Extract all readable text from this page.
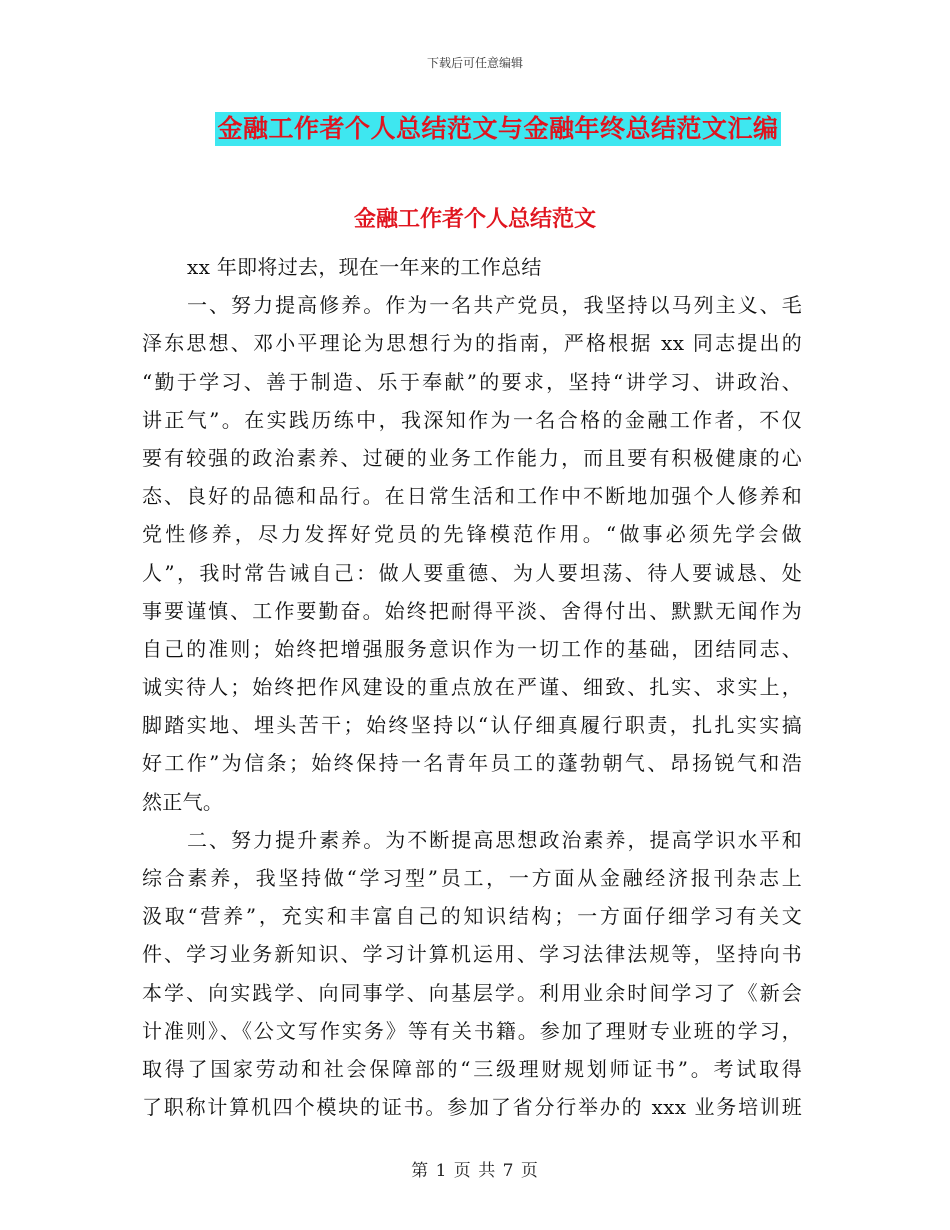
下载后可任意编辑
金融工作者个人总结范文与金融年终总结范文汇编
金融工作者个人总结范文
xx 年即将过去，现在一年来的工作总结
一、努力提高修养。作为一名共产党员，我坚持以马列主义、毛
泽东思想、邓小平理论为思想行为的指南，严格根据 xx 同志提出的
“勤于学习、善于制造、乐于奉献”的要求，坚持“讲学习、讲政治、
讲正气”。在实践历练中，我深知作为一名合格的金融工作者，不仅
要有较强的政治素养、过硬的业务工作能力，而且要有积极健康的心
态、良好的品德和品行。在日常生活和工作中不断地加强个人修养和
党性修养，尽力发挥好党员的先锋模范作用。“做事必须先学会做
人”，我时常告诫自己：做人要重德、为人要坦荡、待人要诚恳、处
事要谨慎、工作要勤奋。始终把耐得平淡、舍得付出、默默无闻作为
自己的准则；始终把增强服务意识作为一切工作的基础，团结同志、
诚实待人；始终把作风建设的重点放在严谨、细致、扎实、求实上，
脚踏实地、埋头苦干；始终坚持以“认仔细真履行职责，扎扎实实搞
好工作”为信条；始终保持一名青年员工的蓬勃朝气、昂扬锐气和浩
然正气。
二、努力提升素养。为不断提高思想政治素养，提高学识水平和
综合素养，我坚持做“学习型”员工，一方面从金融经济报刊杂志上
汲取“营养”，充实和丰富自己的知识结构；一方面仔细学习有关文
件、学习业务新知识、学习计算机运用、学习法律法规等，坚持向书
本学、向实践学、向同事学、向基层学。利用业余时间学习了《新会
计准则》、《公文写作实务》等有关书籍。参加了理财专业班的学习，
取得了国家劳动和社会保障部的“三级理财规划师证书”。考试取得
了职称计算机四个模块的证书。参加了省分行举办的 xxx 业务培训班
第 1 页 共 7 页
